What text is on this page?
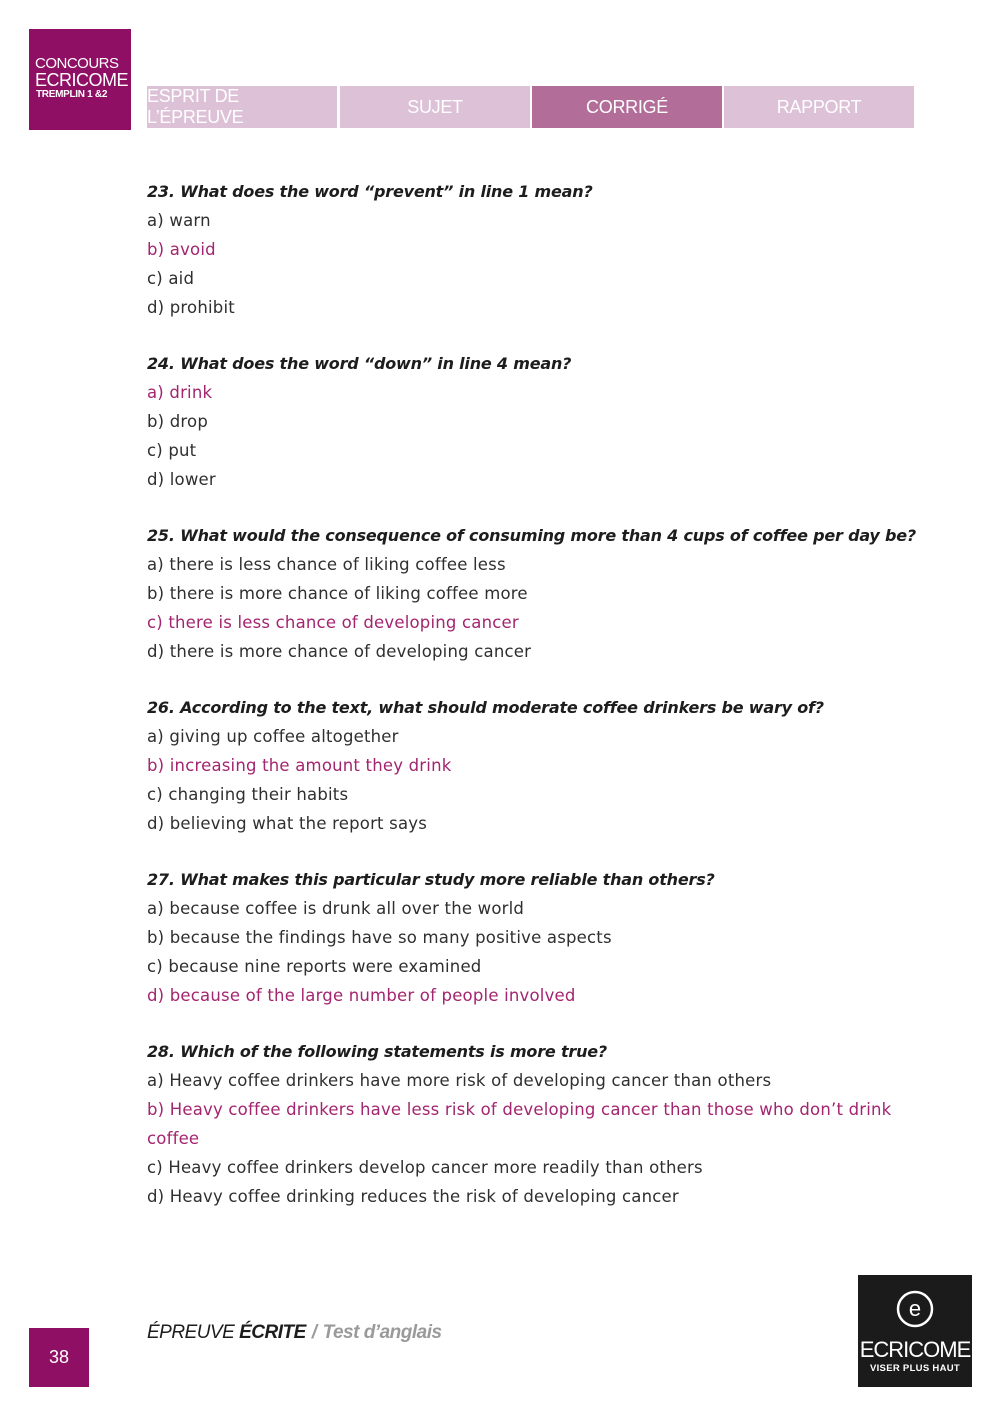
CONCOURS
ECRICOME
TREMPLIN 1 &2 ESPRIT DE L’ÉPREUVE
SUJET	CORRIGÉ	RAPPORT
23. What does the word “prevent” in line 1 mean?
a) warn
b) avoid
c) aid
d) prohibit
24. What does the word “down” in line 4 mean?
a) drink
b) drop
c) put
d) lower
25. What would the consequence of consuming more than 4 cups of coffee per day be?
a) there is less chance of liking coffee less
b) there is more chance of liking coffee more
c) there is less chance of developing cancer
d) there is more chance of developing cancer
26. According to the text, what should moderate coffee drinkers be wary of?
a) giving up coffee altogether
b) increasing the amount they drink
c) changing their habits
d) believing what the report says
27. What makes this particular study more reliable than others?
a) because coffee is drunk all over the world
b) because the findings have so many positive aspects
c) because nine reports were examined
d) because of the large number of people involved
28. Which of the following statements is more true?
a) Heavy coffee drinkers have more risk of developing cancer than others
b) Heavy coffee drinkers have less risk of developing cancer than those who don’t drink coffee
c) Heavy coffee drinkers develop cancer more readily than others
d) Heavy coffee drinking reduces the risk of developing cancer
38
ÉPREUVE ÉCRITE / Test d’anglais
e
ECRICOME
VISER PLUS HAUT
